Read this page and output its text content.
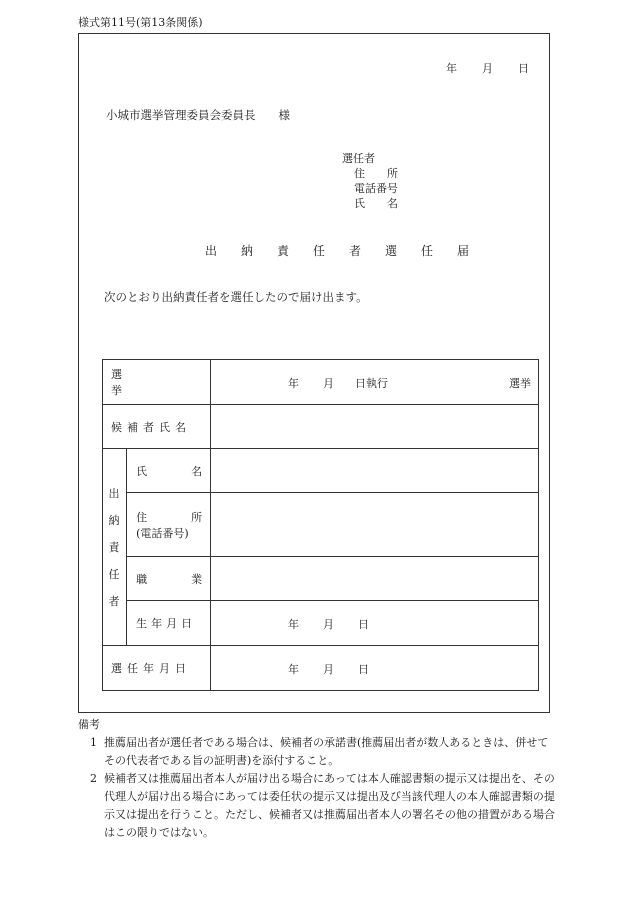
様式第11号(第13条関係)
年 月 日
小城市選挙管理委員会委員長　　様
選任者
住　　所
電話番号
氏　　名
出 納 責 任 者 選 任 届
次のとおり出納責任者を選任したので届け出ます。
選　　　　　　　　挙		年 月 日執行 選挙

候補者氏名		

出
納
責
任
者	氏　　　　名	

	住　　　　所
(電話番号)	

	職　　　　業	

	生年月日	年 月 日

選任年月日		年 月 日
備考
1 推薦届出者が選任者である場合は、候補者の承諾書(推薦届出者が数人あるときは、併せてその代表者である旨の証明書)を添付すること。
2 候補者又は推薦届出者本人が届け出る場合にあっては本人確認書類の提示又は提出を、その代理人が届け出る場合にあっては委任状の提示又は提出及び当該代理人の本人確認書類の提示又は提出を行うこと。ただし、候補者又は推薦届出者本人の署名その他の措置がある場合はこの限りではない。
